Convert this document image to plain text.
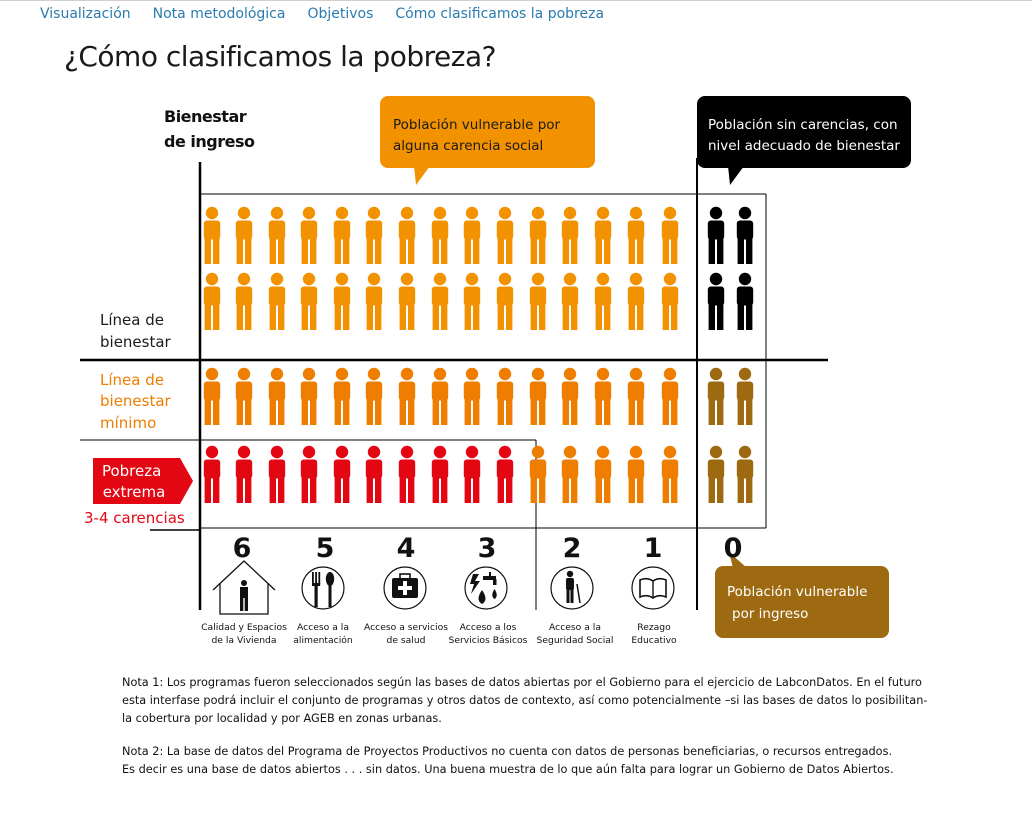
Visualización Nota metodológica Objetivos Cómo clasificamos la pobreza
¿Cómo clasificamos la pobreza?
Bienestar de ingreso
Población vulnerable por alguna carencia social
Población sin carencias, con nivel adecuado de bienestar
Población vulnerable por ingreso
Línea de bienestar
Línea de bienestar mínimo
Pobreza extrema
3-4 carencias
6 5 4 3 2 1 0
Calidad y Espacios de la Vivienda
Acceso a la alimentación
Acceso a servicios de salud
Acceso a los Servicios Básicos
Acceso a la Seguridad Social
Rezago Educativo

Nota 1: Los programas fueron seleccionados según las bases de datos abiertas por el Gobierno para el ejercicio de LabconDatos. En el futuro
esta interfase podrá incluir el conjunto de programas y otros datos de contexto, así como potencialmente –si las bases de datos lo posibilitan-
la cobertura por localidad y por AGEB en zonas urbanas.

Nota 2: La base de datos del Programa de Proyectos Productivos no cuenta con datos de personas beneficiarias, o recursos entregados.
Es decir es una base de datos abiertos . . . sin datos. Una buena muestra de lo que aún falta para lograr un Gobierno de Datos Abiertos.
